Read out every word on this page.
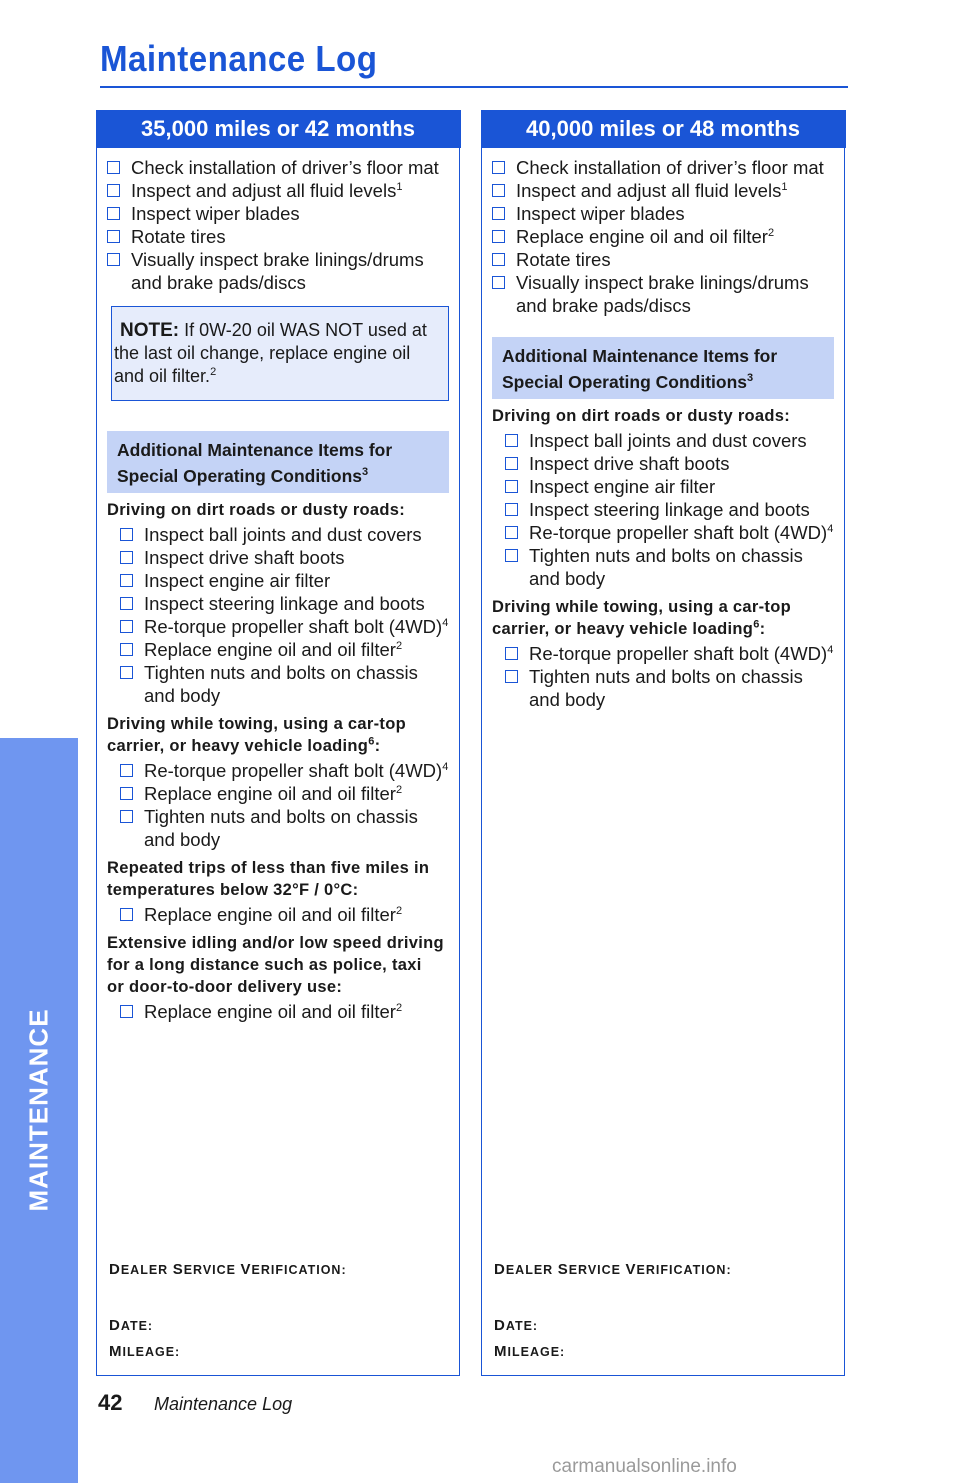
Maintenance Log
MAINTENANCE
35,000 miles or 42 months
Check installation of driver’s floor mat
Inspect and adjust all fluid levels$^1$
Inspect wiper blades
Rotate tires
Visually inspect brake linings/drums
and brake pads/discs
NOTE: If 0W-20 oil WAS NOT used at
the last oil change, replace engine oil
and oil filter.$^2$
Additional Maintenance Items for
Special Operating Conditions$^3$
Driving on dirt roads or dusty roads:
Inspect ball joints and dust covers
Inspect drive shaft boots
Inspect engine air filter
Inspect steering linkage and boots
Re-torque propeller shaft bolt $(4WD)^4$
Replace engine oil and oil filter$^2$
Tighten nuts and bolts on chassis
and body
Driving while towing, using a car-top
carrier, or heavy vehicle loading$^6$:
Re-torque propeller shaft bolt $(4WD)^4$
Replace engine oil and oil filter$^2$
Tighten nuts and bolts on chassis
and body
Repeated trips of less than five miles in
temperatures below 32°F / 0°C:
Replace engine oil and oil filter$^2$
Extensive idling and/or low speed driving
for a long distance such as police, taxi
or door-to-door delivery use:
Replace engine oil and oil filter$^2$
DEALER SERVICE VERIFICATION:
DATE:
MILEAGE:
40,000 miles or 48 months
Check installation of driver’s floor mat
Inspect and adjust all fluid levels$^1$
Inspect wiper blades
Replace engine oil and oil filter$^2$
Rotate tires
Visually inspect brake linings/drums
and brake pads/discs
Additional Maintenance Items for
Special Operating Conditions$^3$
Driving on dirt roads or dusty roads:
Inspect ball joints and dust covers
Inspect drive shaft boots
Inspect engine air filter
Inspect steering linkage and boots
Re-torque propeller shaft bolt $(4WD)^4$
Tighten nuts and bolts on chassis
and body
Driving while towing, using a car-top
carrier, or heavy vehicle loading$^6$:
Re-torque propeller shaft bolt $(4WD)^4$
Tighten nuts and bolts on chassis
and body
DEALER SERVICE VERIFICATION:
DATE:
MILEAGE:
42 Maintenance Log
carmanualsonline.info
